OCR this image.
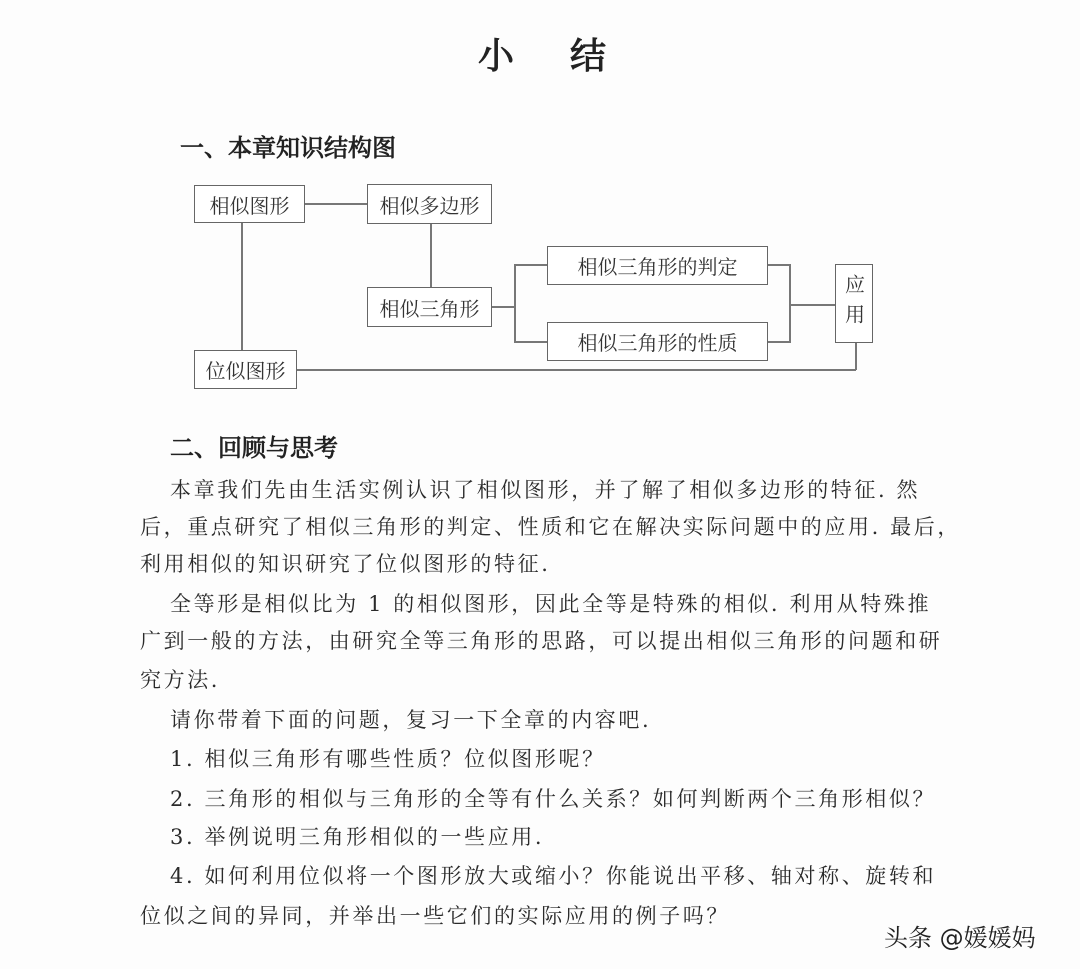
小结
一、本章知识结构图
相似图形	相似多边形
相似三角形
相似三角形的判定
相似三角形的性质
应用
位似图形
二、回顾与思考
本章我们先由生活实例认识了相似图形，并了解了相似多边形的特征. 然
后，重点研究了相似三角形的判定、性质和它在解决实际问题中的应用. 最后，
利用相似的知识研究了位似图形的特征.
全等形是相似比为 1 的相似图形，因此全等是特殊的相似. 利用从特殊推
广到一般的方法，由研究全等三角形的思路，可以提出相似三角形的问题和研
究方法.
请你带着下面的问题，复习一下全章的内容吧.
1. 相似三角形有哪些性质？位似图形呢？
2. 三角形的相似与三角形的全等有什么关系？如何判断两个三角形相似？
3. 举例说明三角形相似的一些应用.
4. 如何利用位似将一个图形放大或缩小？你能说出平移、轴对称、旋转和
位似之间的异同，并举出一些它们的实际应用的例子吗？
头条 @媛媛妈
